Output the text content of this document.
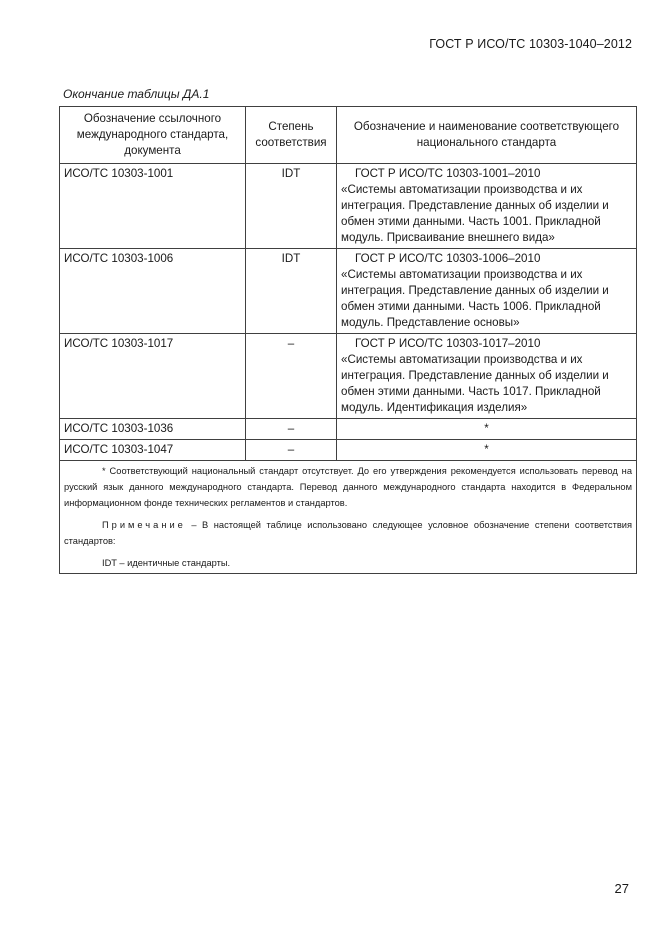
ГОСТ Р ИСО/ТС 10303-1040–2012
Окончание таблицы ДА.1
Обозначение ссылочного международного стандарта, документа	Степень соответствия	Обозначение и наименование соответствующего национального стандарта
ИСО/ТС 10303-1001	IDT	ГОСТ Р ИСО/ТС 10303-1001–2010
«Системы автоматизации производства и их интеграция. Представление данных об изделии и обмен этими данными. Часть 1001. Прикладной модуль. Присваивание внешнего вида»

ИСО/ТС 10303-1006	IDT	ГОСТ Р ИСО/ТС 10303-1006–2010
«Системы автоматизации производства и их интеграция. Представление данных об изделии и обмен этими данными. Часть 1006. Прикладной модуль. Представление основы»

ИСО/ТС 10303-1017	–	ГОСТ Р ИСО/ТС 10303-1017–2010
«Системы автоматизации производства и их интеграция. Представление данных об изделии и обмен этими данными. Часть 1017. Прикладной модуль. Идентификация изделия»

ИСО/ТС 10303-1036	–	*
ИСО/ТС 10303-1047	–	*

* Соответствующий национальный стандарт отсутствует. До его утверждения рекомендуется использовать перевод на русский язык данного международного стандарта. Перевод данного международного стандарта находится в Федеральном информационном фонде технических регламентов и стандартов.

Примечание – В настоящей таблице использовано следующее условное обозначение степени соответствия стандартов:

IDT – идентичные стандарты.		

27
